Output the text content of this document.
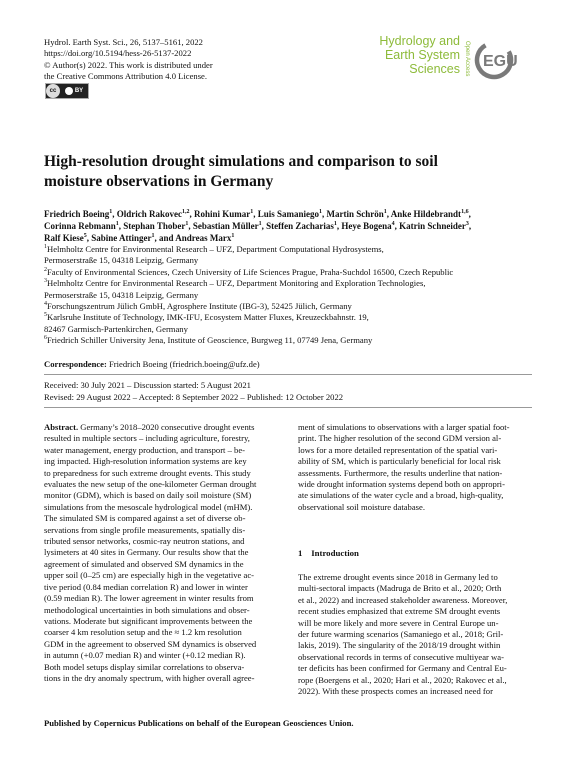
Hydrol. Earth Syst. Sci., 26, 5137–5161, 2022
https://doi.org/10.5194/hess-26-5137-2022
© Author(s) 2022. This work is distributed under
the Creative Commons Attribution 4.0 License.
cc	BY
Hydrology and
Earth System
Sciences Open Access EGU
High-resolution drought simulations and comparison to soil
moisture observations in Germany
Friedrich Boeing$^1$, Oldrich Rakovec$^{1,2}$, Rohini Kumar$^1$, Luis Samaniego$^1$, Martin Schrön$^1$, Anke Hildebrandt$^{1,6}$,
Corinna Rebmann$^1$, Stephan Thober$^1$, Sebastian Müller$^1$, Steffen Zacharias$^1$, Heye Bogena$^4$, Katrin Schneider$^3$,
Ralf Kiese$^5$, Sabine Attinger$^1$, and Andreas Marx$^1$
$^1$Helmholtz Centre for Environmental Research – UFZ, Department Computational Hydrosystems,
Permoserstraße 15, 04318 Leipzig, Germany
$^2$Faculty of Environmental Sciences, Czech University of Life Sciences Prague, Praha-Suchdol 16500, Czech Republic
$^3$Helmholtz Centre for Environmental Research – UFZ, Department Monitoring and Exploration Technologies,
Permoserstraße 15, 04318 Leipzig, Germany
$^4$Forschungszentrum Jülich GmbH, Agrosphere Institute (IBG-3), 52425 Jülich, Germany
$^5$Karlsruhe Institute of Technology, IMK-IFU, Ecosystem Matter Fluxes, Kreuzeckbahnstr. 19,
82467 Garmisch-Partenkirchen, Germany
$^6$Friedrich Schiller University Jena, Institute of Geoscience, Burgweg 11, 07749 Jena, Germany
Correspondence: Friedrich Boeing (friedrich.boeing@ufz.de)
Received: 30 July 2021 – Discussion started: 5 August 2021
Revised: 29 August 2022 – Accepted: 8 September 2022 – Published: 12 October 2022
Abstract. Germany’s 2018–2020 consecutive drought events
resulted in multiple sectors – including agriculture, forestry,
water management, energy production, and transport – be-
ing impacted. High-resolution information systems are key
to preparedness for such extreme drought events. This study
evaluates the new setup of the one-kilometer German drought
monitor (GDM), which is based on daily soil moisture (SM)
simulations from the mesoscale hydrological model (mHM).
The simulated SM is compared against a set of diverse ob-
servations from single profile measurements, spatially dis-
tributed sensor networks, cosmic-ray neutron stations, and
lysimeters at 40 sites in Germany. Our results show that the
agreement of simulated and observed SM dynamics in the
upper soil (0–25 cm) are especially high in the vegetative ac-
tive period (0.84 median correlation R) and lower in winter
(0.59 median R). The lower agreement in winter results from
methodological uncertainties in both simulations and obser-
vations. Moderate but significant improvements between the
coarser 4 km resolution setup and the ≈ 1.2 km resolution
GDM in the agreement to observed SM dynamics is observed
in autumn (+0.07 median R) and winter (+0.12 median R).
Both model setups display similar correlations to observa-
tions in the dry anomaly spectrum, with higher overall agree-
ment of simulations to observations with a larger spatial foot-
print. The higher resolution of the second GDM version al-
lows for a more detailed representation of the spatial vari-
ability of SM, which is particularly beneficial for local risk
assessments. Furthermore, the results underline that nation-
wide drought information systems depend both on appropri-
ate simulations of the water cycle and a broad, high-quality,
observational soil moisture database.
1    Introduction
The extreme drought events since 2018 in Germany led to
multi-sectoral impacts (Madruga de Brito et al., 2020; Orth
et al., 2022) and increased stakeholder awareness. Moreover,
recent studies emphasized that extreme SM drought events
will be more likely and more severe in Central Europe un-
der future warming scenarios (Samaniego et al., 2018; Gril-
lakis, 2019). The singularity of the 2018/19 drought within
observational records in terms of consecutive multiyear wa-
ter deficits has been confirmed for Germany and Central Eu-
rope (Boergens et al., 2020; Hari et al., 2020; Rakovec et al.,
2022). With these prospects comes an increased need for
Published by Copernicus Publications on behalf of the European Geosciences Union.
